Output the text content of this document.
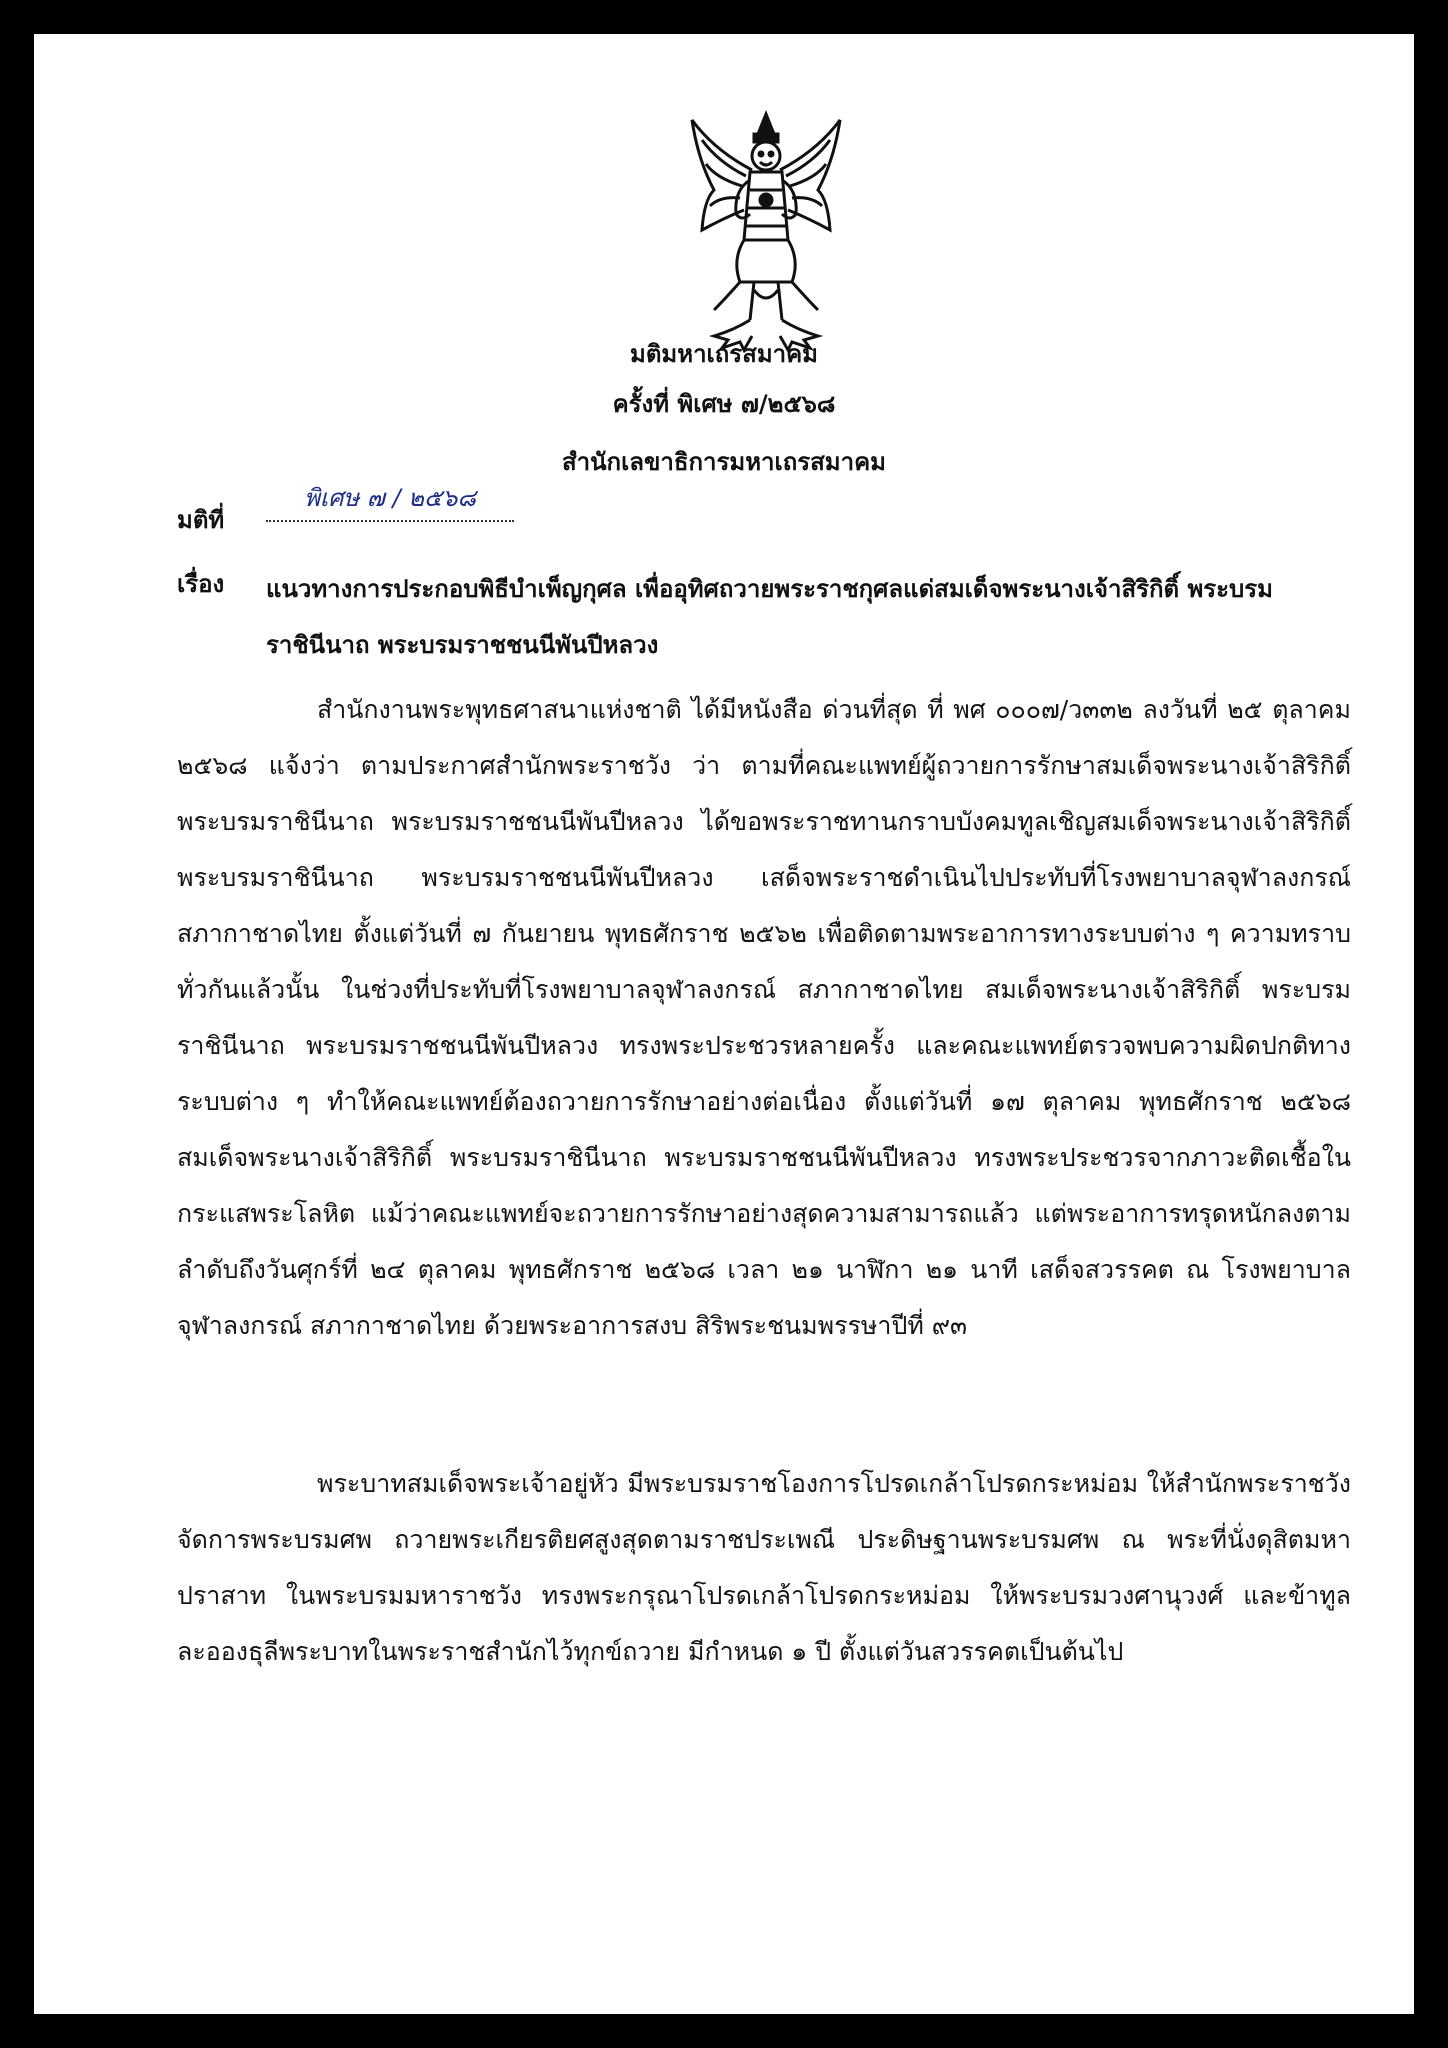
มติมหาเถรสมาคม
ครั้งที่ พิเศษ ๗/๒๕๖๘
สำนักเลขาธิการมหาเถรสมาคม
มติที่
พิเศษ ๗ / ๒๕๖๘
เรื่อง แนวทางการประกอบพิธีบำเพ็ญกุศล เพื่ออุทิศถวายพระราชกุศลแด่สมเด็จพระนางเจ้าสิริกิติ์ พระบรมราชินีนาถ พระบรมราชชนนีพันปีหลวง
สำนักงานพระพุทธศาสนาแห่งชาติ ได้มีหนังสือ ด่วนที่สุด ที่ พศ ๐๐๐๗/ว๓๓๒ ลงวันที่ ๒๕ ตุลาคม ๒๕๖๘ แจ้งว่า ตามประกาศสำนักพระราชวัง ว่า ตามที่คณะแพทย์ผู้ถวายการรักษาสมเด็จพระนางเจ้าสิริกิติ์ พระบรมราชินีนาถ พระบรมราชชนนีพันปีหลวง ได้ขอพระราชทานกราบบังคมทูลเชิญสมเด็จพระนางเจ้าสิริกิติ์ พระบรมราชินีนาถ พระบรมราชชนนีพันปีหลวง เสด็จพระราชดำเนินไปประทับที่โรงพยาบาลจุฬาลงกรณ์ สภากาชาดไทย ตั้งแต่วันที่ ๗ กันยายน พุทธศักราช ๒๕๖๒ เพื่อติดตามพระอาการทางระบบต่าง ๆ ความทราบทั่วกันแล้วนั้น ในช่วงที่ประทับที่โรงพยาบาลจุฬาลงกรณ์ สภากาชาดไทย สมเด็จพระนางเจ้าสิริกิติ์ พระบรมราชินีนาถ พระบรมราชชนนีพันปีหลวง ทรงพระประชวรหลายครั้ง และคณะแพทย์ตรวจพบความผิดปกติทางระบบต่าง ๆ ทำให้คณะแพทย์ต้องถวายการรักษาอย่างต่อเนื่อง ตั้งแต่วันที่ ๑๗ ตุลาคม พุทธศักราช ๒๕๖๘ สมเด็จพระนางเจ้าสิริกิติ์ พระบรมราชินีนาถ พระบรมราชชนนีพันปีหลวง ทรงพระประชวรจากภาวะติดเชื้อในกระแสพระโลหิต แม้ว่าคณะแพทย์จะถวายการรักษาอย่างสุดความสามารถแล้ว แต่พระอาการทรุดหนักลงตามลำดับถึงวันศุกร์ที่ ๒๔ ตุลาคม พุทธศักราช ๒๕๖๘ เวลา ๒๑ นาฬิกา ๒๑ นาที เสด็จสวรรคต ณ โรงพยาบาลจุฬาลงกรณ์ สภากาชาดไทย ด้วยพระอาการสงบ สิริพระชนมพรรษาปีที่ ๙๓
พระบาทสมเด็จพระเจ้าอยู่หัว มีพระบรมราชโองการโปรดเกล้าโปรดกระหม่อม ให้สำนักพระราชวัง จัดการพระบรมศพ ถวายพระเกียรติยศสูงสุดตามราชประเพณี ประดิษฐานพระบรมศพ ณ พระที่นั่งดุสิตมหาปราสาท ในพระบรมมหาราชวัง ทรงพระกรุณาโปรดเกล้าโปรดกระหม่อม ให้พระบรมวงศานุวงศ์ และข้าทูลละอองธุลีพระบาทในพระราชสำนักไว้ทุกข์ถวาย มีกำหนด ๑ ปี ตั้งแต่วันสวรรคตเป็นต้นไป
